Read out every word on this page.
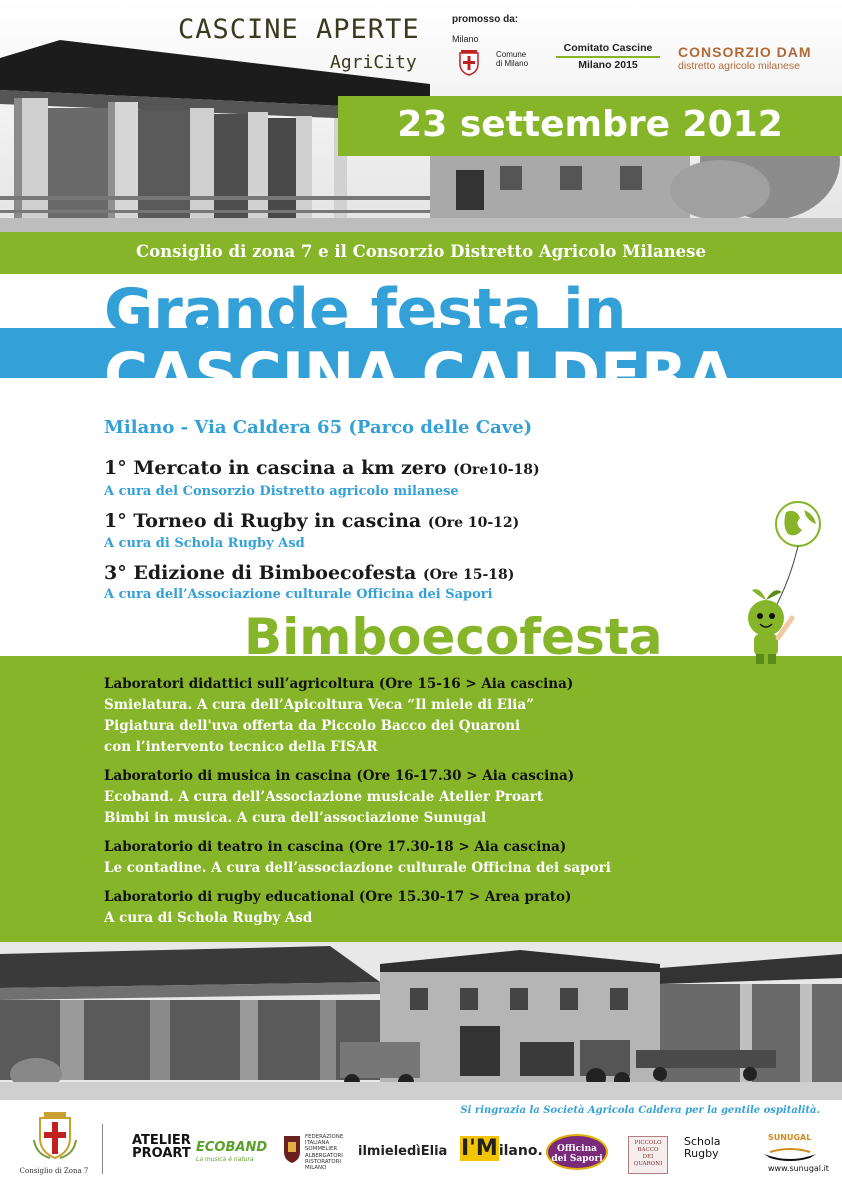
CASCINE APERTE
AgriCity
promosso da:
Milano
Comune
di Milano
Comitato Cascine
Milano 2015
CONSORZIO DAM
distretto agricolo milanese
23 settembre 2012
Consiglio di zona 7 e il Consorzio Distretto Agricolo Milanese
Grande festa in
CASCINA CALDERA
Milano - Via Caldera 65 (Parco delle Cave)
1° Mercato in cascina a km zero (Ore10-18)
A cura del Consorzio Distretto agricolo milanese
1° Torneo di Rugby in cascina (Ore 10-12)
A cura di Schola Rugby Asd
3° Edizione di Bimboecofesta (Ore 15-18)
A cura dell’Associazione culturale Officina dei Sapori
Bimboecofesta
Laboratori didattici sull’agricoltura (Ore 15-16 > Aia cascina)
Smielatura. A cura dell’Apicoltura Veca “Il miele di Elia”
Pigiatura dell'uva offerta da Piccolo Bacco dei Quaroni
con l’intervento tecnico della FISAR
Laboratorio di musica in cascina (Ore 16-17.30 > Aia cascina)
Ecoband. A cura dell’Associazione musicale Atelier Proart
Bimbi in musica. A cura dell’associazione Sunugal
Laboratorio di teatro in cascina (Ore 17.30-18 > Aia cascina)
Le contadine. A cura dell’associazione culturale Officina dei sapori
Laboratorio di rugby educational (Ore 15.30-17 > Area prato)
A cura di Schola Rugby Asd
Si ringrazia la Società Agricola Caldera per la gentile ospitalità.
Consiglio di Zona 7
ATELIER
PROART ECOBAND
La musica è natura
FEDERAZIONE
ITALIANA
SOMMELIER
ALBERGATORI
RISTORATORI
MILANO
ilmieledìElia I'Milano.	Officina
dei Sapori
PICCOLO
BACCO
DEI QUARONI
Schola
Rugby
SUNUGAL
www.sunugal.it
